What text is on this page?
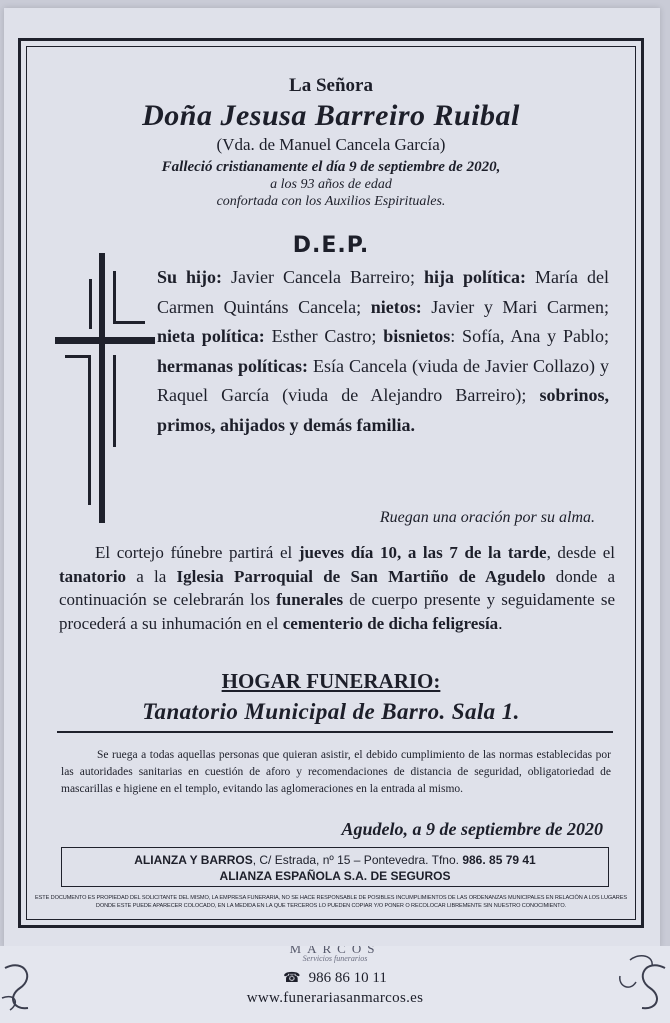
La Señora
Doña Jesusa Barreiro Ruibal
(Vda. de Manuel Cancela García)
Falleció cristianamente el día 9 de septiembre de 2020,
a los 93 años de edad
confortada con los Auxilios Espirituales.
D.E.P.
Su hijo: Javier Cancela Barreiro; hija política: María del Carmen Quintáns Cancela; nietos: Javier y Mari Carmen; nieta política: Esther Castro; bisnietos: Sofía, Ana y Pablo; hermanas políticas: Esía Cancela (viuda de Javier Collazo) y Raquel García (viuda de Alejandro Barreiro); sobrinos, primos, ahijados y demás familia.
Ruegan una oración por su alma.
El cortejo fúnebre partirá el jueves día 10, a las 7 de la tarde, desde el tanatorio a la Iglesia Parroquial de San Martiño de Agudelo donde a continuación se celebrarán los funerales de cuerpo presente y seguidamente se procederá a su inhumación en el cementerio de dicha feligresía.
HOGAR FUNERARIO:
Tanatorio Municipal de Barro. Sala 1.
Se ruega a todas aquellas personas que quieran asistir, el debido cumplimiento de las normas establecidas por las autoridades sanitarias en cuestión de aforo y recomendaciones de distancia de seguridad, obligatoriedad de mascarillas e higiene en el templo, evitando las aglomeraciones en la entrada al mismo.
Agudelo, a 9 de septiembre de 2020
ALIANZA Y BARROS, C/ Estrada, nº 15 – Pontevedra. Tfno. 986. 85 79 41
ALIANZA ESPAÑOLA S.A. DE SEGUROS
ESTE DOCUMENTO ES PROPIEDAD DEL SOLICITANTE DEL MISMO, LA EMPRESA FUNERARIA, NO SE HACE RESPONSABLE DE POSIBLES INCUMPLIMIENTOS DE LAS ORDENANZAS MUNICIPALES EN RELACIÓN A LOS LUGARES DONDE ESTE PUEDE APARECER COLOCADO, EN LA MEDIDA EN LA QUE TERCEROS LO PUEDEN COPIAR Y/O PONER O RECOLOCAR LIBREMENTE SIN NUESTRO CONOCIMIENTO.
MARCOS
Servicios funerarios
☎ 986 86 10 11
www.funerariasanmarcos.es
